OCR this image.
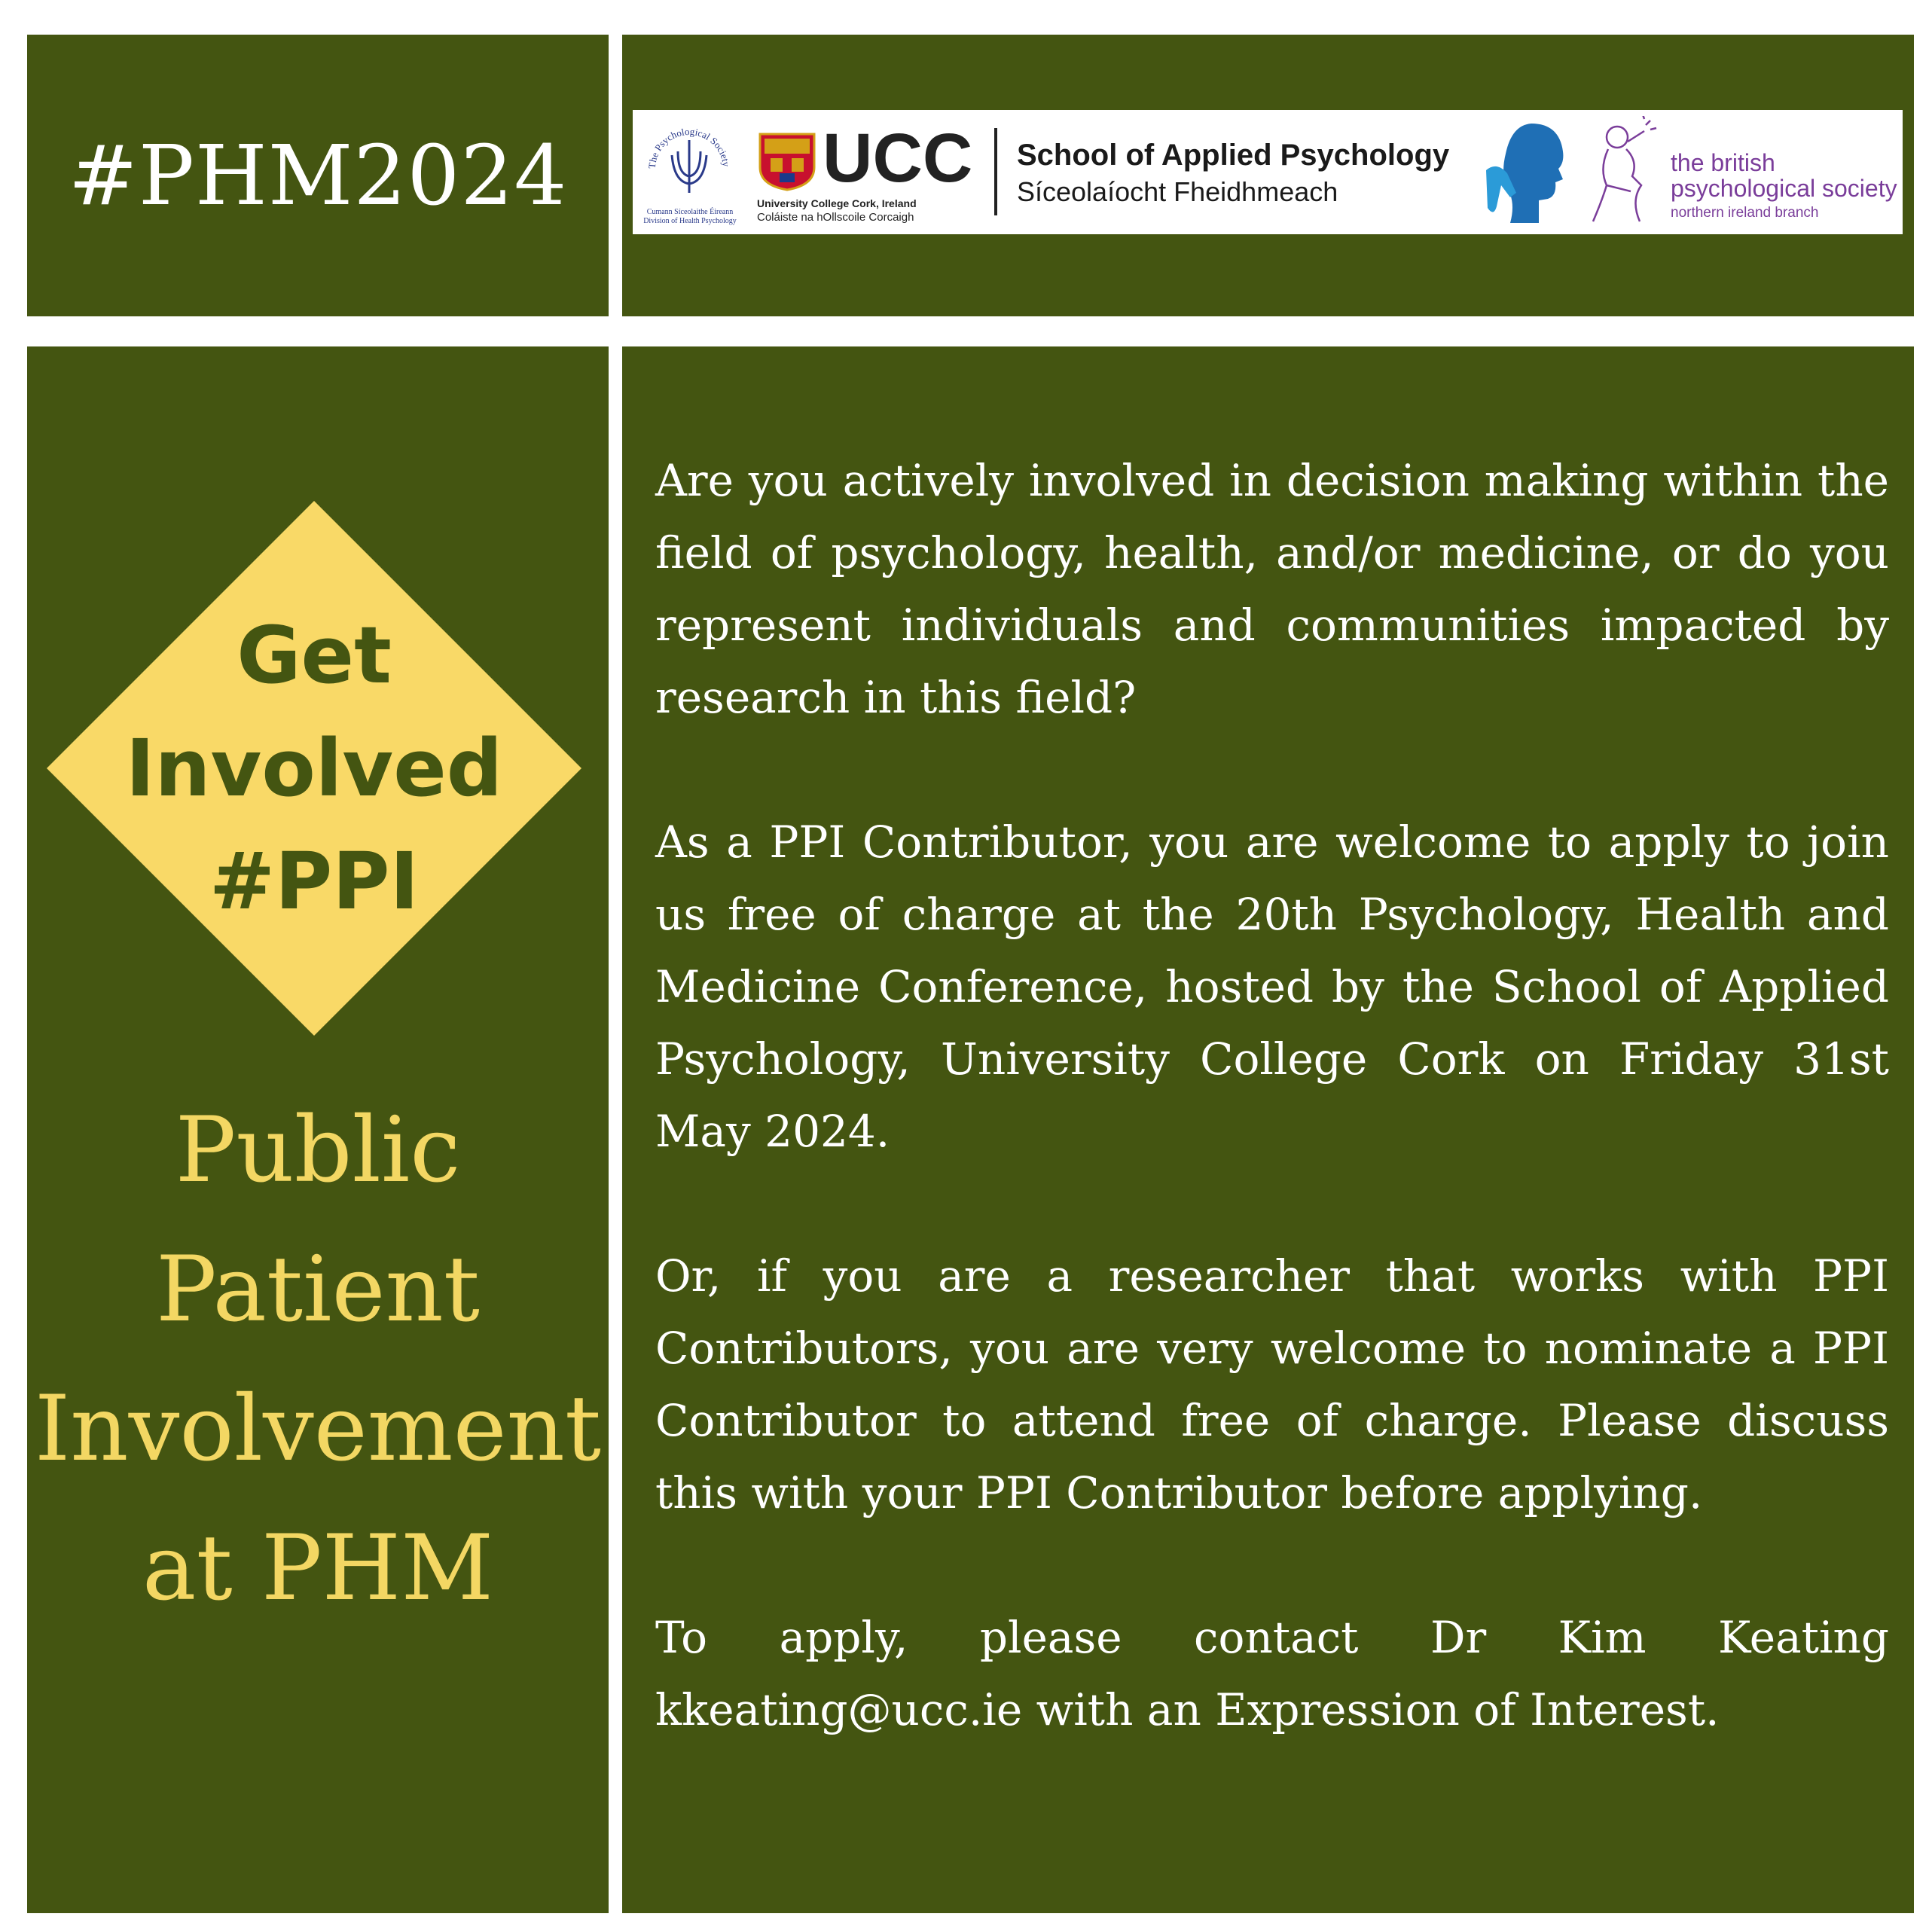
#PHM2024	The Psychological Society
Cumann Síceolaithe Éireann
Division of Health Psychology
UCC
University College Cork, Ireland
Coláiste na hOllscoile Corcaigh
School of Applied Psychology
Síceolaíocht Fheidhmeach
the british
psychological society
northern ireland branch
Get
Involved
#PPI
Public
Patient
Involvement
at PHM

Are you actively involved in decision making within the field of psychology, health, and/or medicine, or do you represent individuals and communities impacted by research in this field?

As a PPI Contributor, you are welcome to apply to join us free of charge at the 20th Psychology, Health and Medicine Conference, hosted by the School of Applied Psychology, University College Cork on Friday 31st May 2024.

Or, if you are a researcher that works with PPI Contributors, you are very welcome to nominate a PPI Contributor to attend free of charge. Please discuss this with your PPI Contributor before applying.

To apply, please contact Dr Kim Keating kkeating@ucc.ie with an Expression of Interest.
